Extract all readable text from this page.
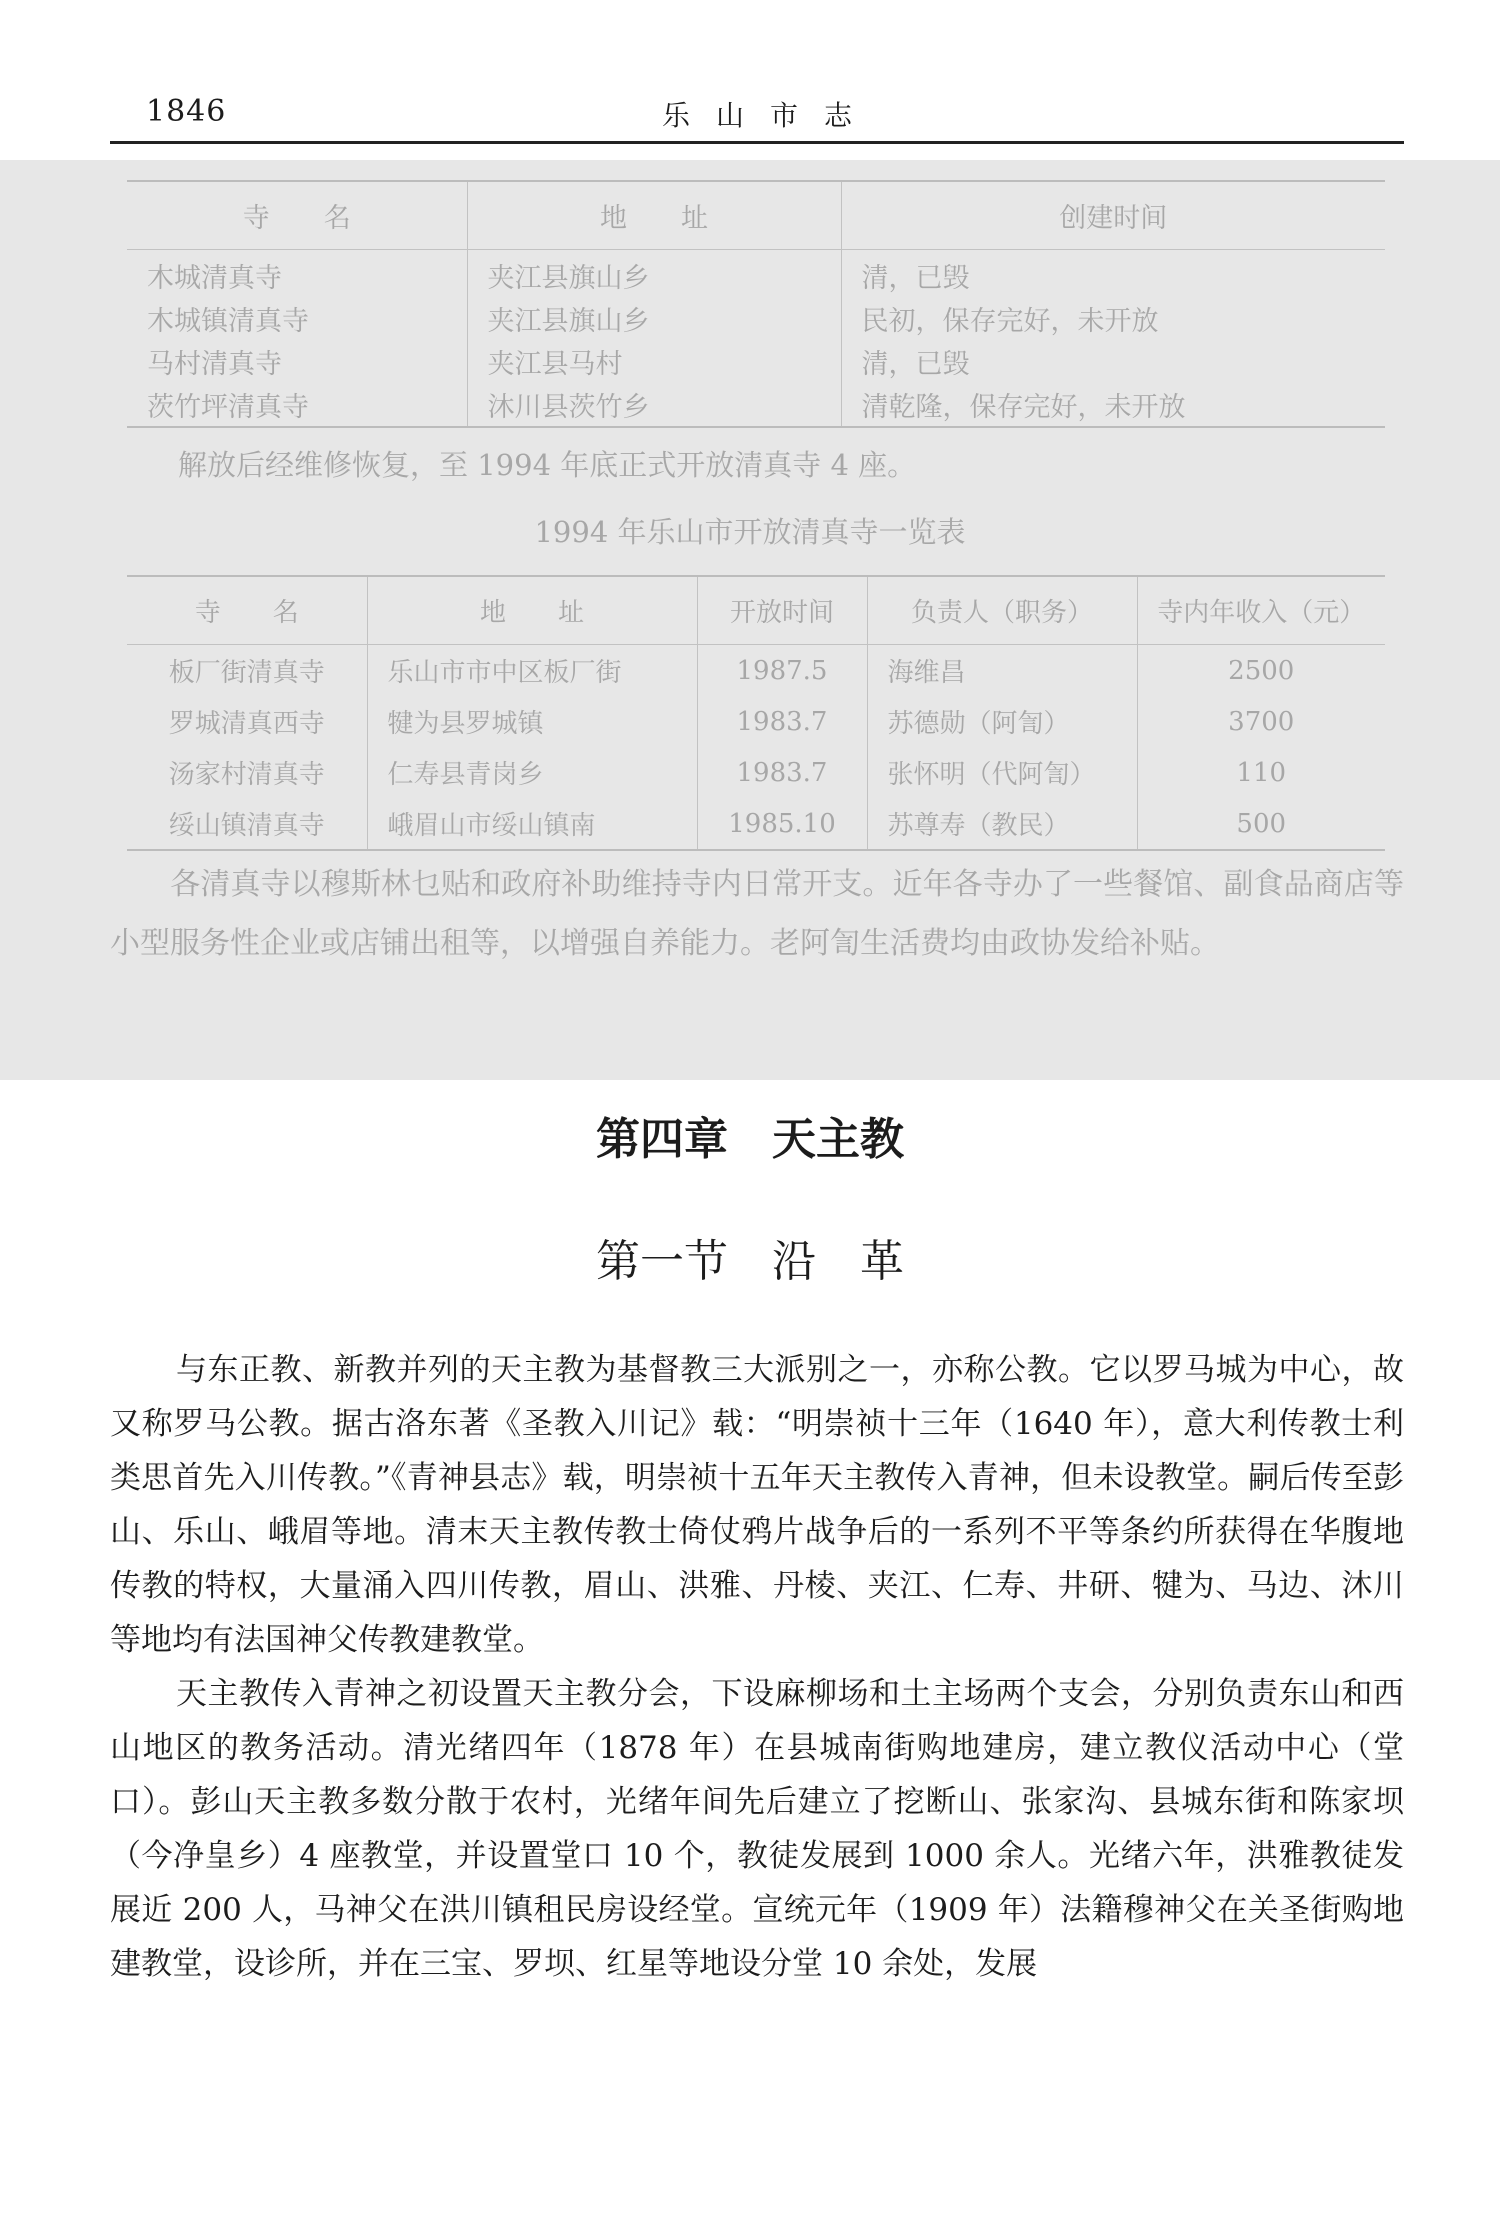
1846	乐山市志
寺　　名	地　　址	创建时间
木城清真寺	夹江县旗山乡	清，已毁
木城镇清真寺	夹江县旗山乡	民初，保存完好，未开放
马村清真寺	夹江县马村	清，已毁
茨竹坪清真寺	沐川县茨竹乡	清乾隆，保存完好，未开放
解放后经维修恢复，至 1994 年底正式开放清真寺 4 座。
1994 年乐山市开放清真寺一览表
寺　　名	地　　址	开放时间	负责人（职务）	寺内年收入（元）
板厂街清真寺	乐山市市中区板厂街	1987.5	海维昌	2500
罗城清真西寺	犍为县罗城镇	1983.7	苏德勋（阿訇）	3700
汤家村清真寺	仁寿县青岗乡	1983.7	张怀明（代阿訇）	110
绥山镇清真寺	峨眉山市绥山镇南	1985.10	苏尊寿（教民）	500
　　各清真寺以穆斯林乜贴和政府补助维持寺内日常开支。近年各寺办了一些餐馆、副食品商店等小型服务性企业或店铺出租等，以增强自养能力。老阿訇生活费均由政协发给补贴。
第四章　天主教
第一节　沿　革

与东正教、新教并列的天主教为基督教三大派别之一，亦称公教。它以罗马城为中心，故又称罗马公教。据古洛东著《圣教入川记》载：“明崇祯十三年（1640 年），意大利传教士利类思首先入川传教。”《青神县志》载，明崇祯十五年天主教传入青神，但未设教堂。嗣后传至彭山、乐山、峨眉等地。清末天主教传教士倚仗鸦片战争后的一系列不平等条约所获得在华腹地传教的特权，大量涌入四川传教，眉山、洪雅、丹棱、夹江、仁寿、井研、犍为、马边、沐川等地均有法国神父传教建教堂。

天主教传入青神之初设置天主教分会，下设麻柳场和土主场两个支会，分别负责东山和西山地区的教务活动。清光绪四年（1878 年）在县城南街购地建房，建立教仪活动中心（堂口）。彭山天主教多数分散于农村，光绪年间先后建立了挖断山、张家沟、县城东街和陈家坝（今净皇乡）4 座教堂，并设置堂口 10 个，教徒发展到 1000 余人。光绪六年，洪雅教徒发展近 200 人，马神父在洪川镇租民房设经堂。宣统元年（1909 年）法籍穆神父在关圣街购地建教堂，设诊所，并在三宝、罗坝、红星等地设分堂 10 余处，发展
